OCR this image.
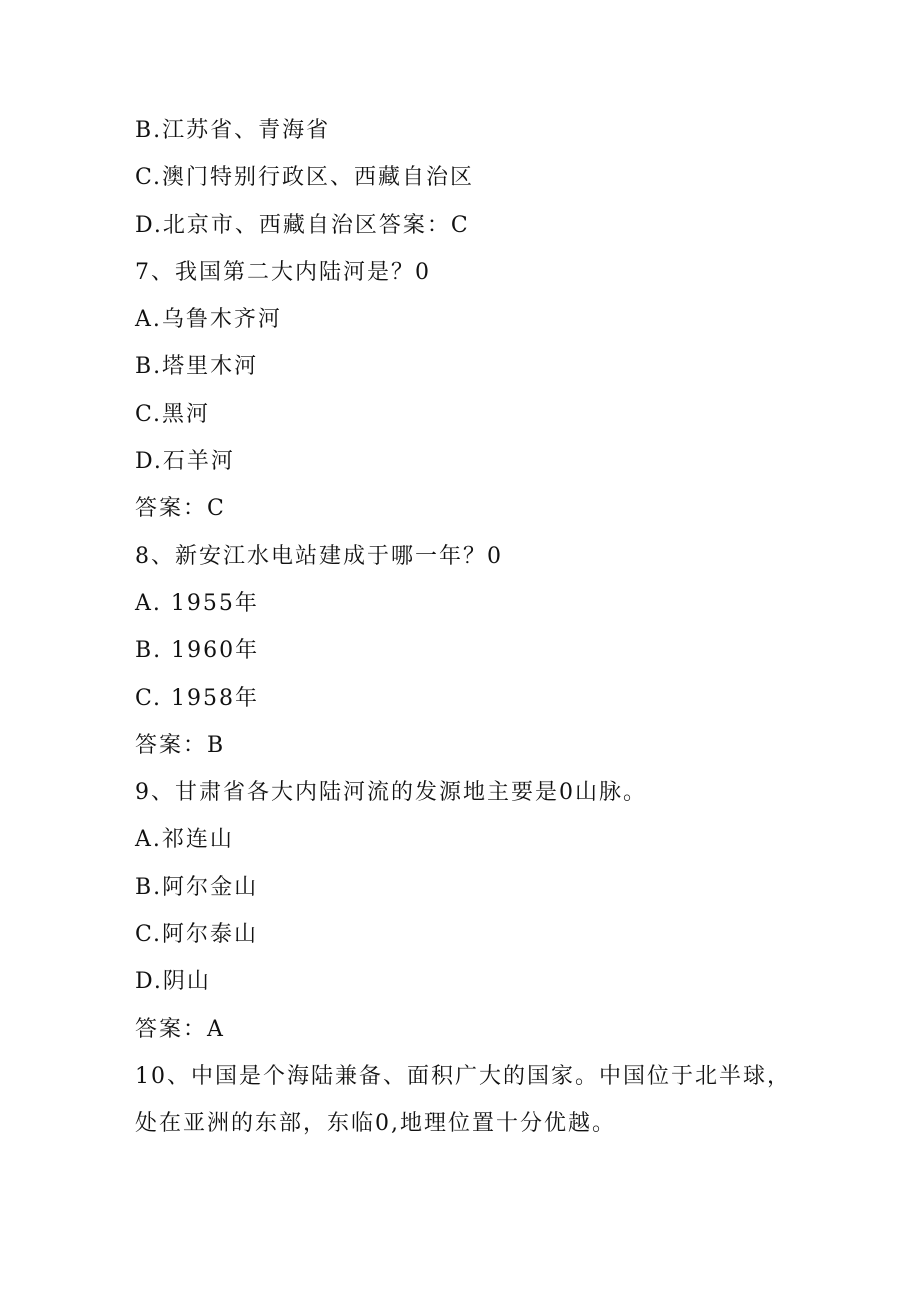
B.江苏省、青海省
C.澳门特别行政区、西藏自治区
D.北京市、西藏自治区答案：C
7、我国第二大内陆河是？0
A.乌鲁木齐河
B.塔里木河
C.黑河
D.石羊河
答案：C
8、新安江水电站建成于哪一年？0
A. 1955年
B. 1960年
C. 1958年
答案：B
9、甘肃省各大内陆河流的发源地主要是0山脉。
A.祁连山
B.阿尔金山
C.阿尔泰山
D.阴山
答案：A
10、中国是个海陆兼备、面积广大的国家。中国位于北半球，
处在亚洲的东部，东临0,地理位置十分优越。
